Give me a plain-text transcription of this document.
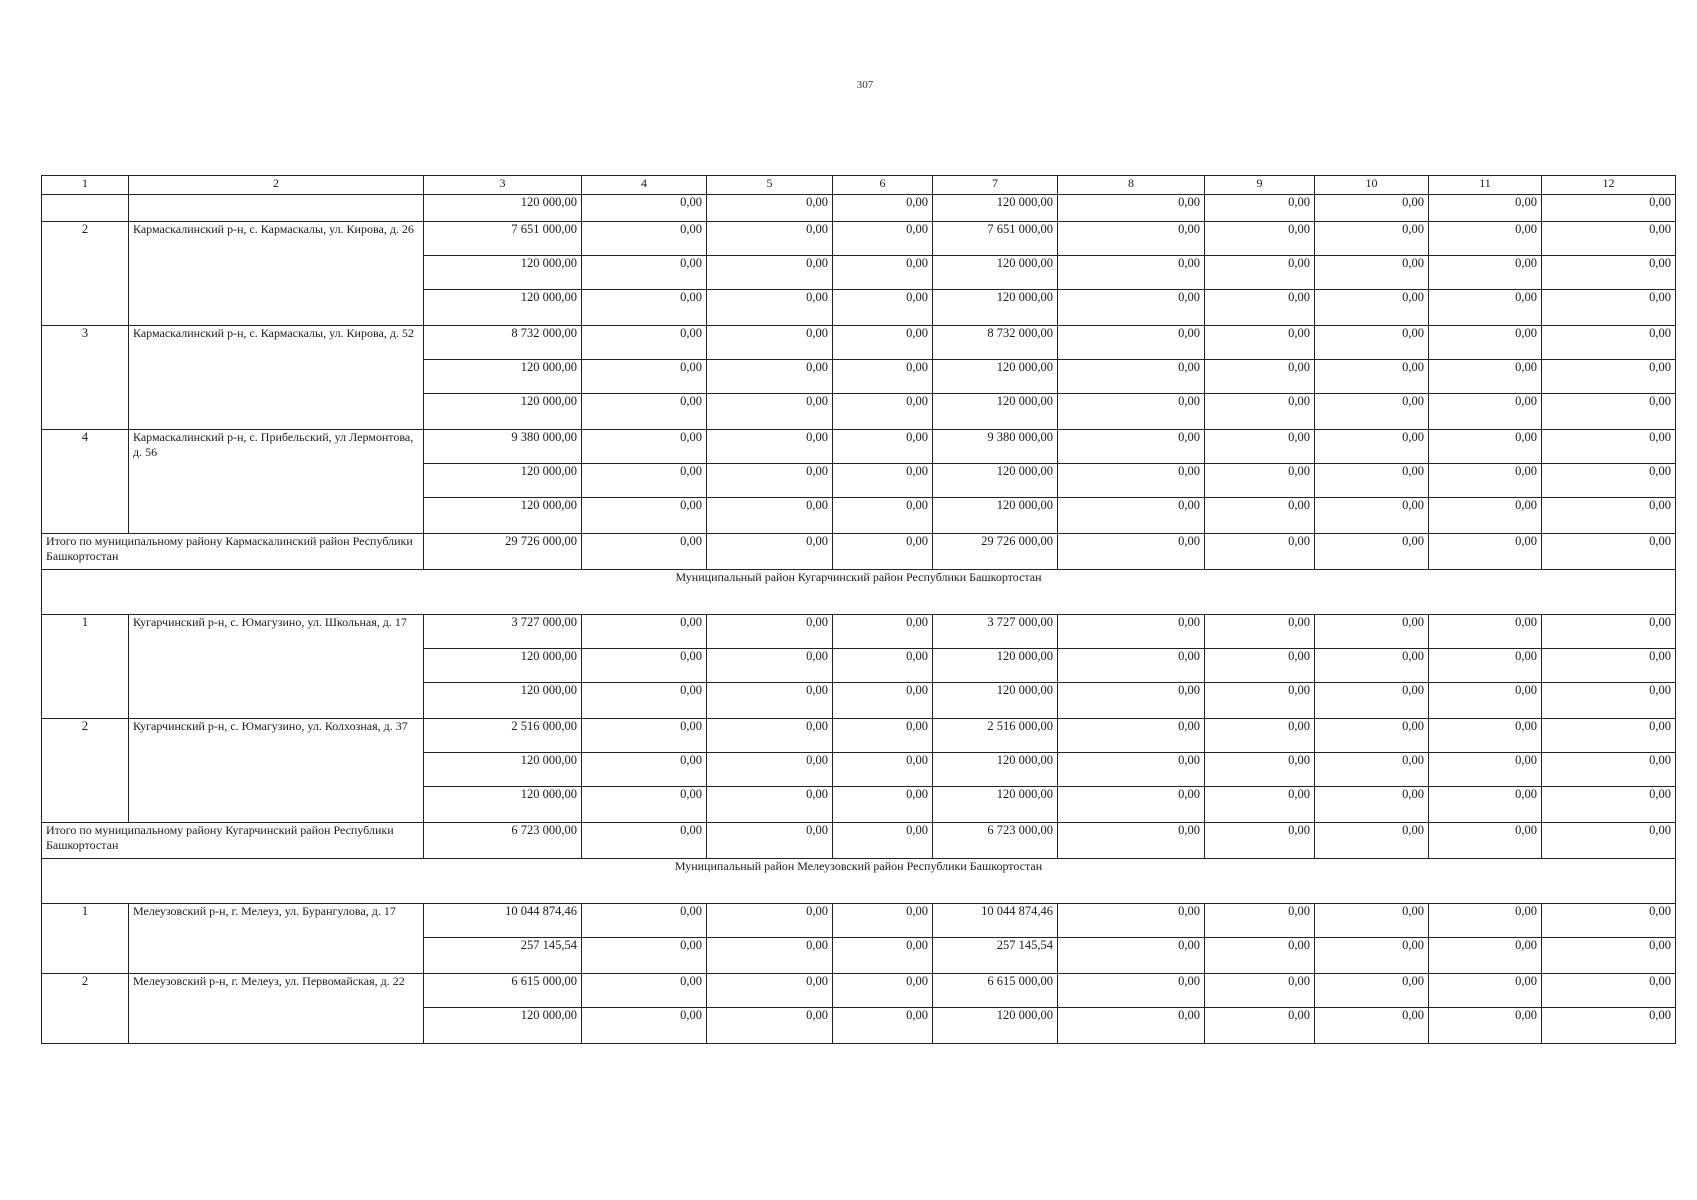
307
1	2	3	4	5	6	7	8	9	10	11	12
		120 000,00	0,00	0,00	0,00	120 000,00	0,00	0,00	0,00	0,00	0,00
2	Кармаскалинский р-н, с. Кармаскалы, ул. Кирова, д. 26	7 651 000,00	0,00	0,00	0,00	7 651 000,00	0,00	0,00	0,00	0,00	0,00
		120 000,00	0,00	0,00	0,00	120 000,00	0,00	0,00	0,00	0,00	0,00
		120 000,00	0,00	0,00	0,00	120 000,00	0,00	0,00	0,00	0,00	0,00
3	Кармаскалинский р-н, с. Кармаскалы, ул. Кирова, д. 52	8 732 000,00	0,00	0,00	0,00	8 732 000,00	0,00	0,00	0,00	0,00	0,00
		120 000,00	0,00	0,00	0,00	120 000,00	0,00	0,00	0,00	0,00	0,00
		120 000,00	0,00	0,00	0,00	120 000,00	0,00	0,00	0,00	0,00	0,00
4	Кармаскалинский р-н, с. Прибельский, ул Лермонтова, д. 56	9 380 000,00	0,00	0,00	0,00	9 380 000,00	0,00	0,00	0,00	0,00	0,00
		120 000,00	0,00	0,00	0,00	120 000,00	0,00	0,00	0,00	0,00	0,00
		120 000,00	0,00	0,00	0,00	120 000,00	0,00	0,00	0,00	0,00	0,00
Итого по муниципальному району Кармаскалинский район Республики Башкортостан		29 726 000,00	0,00	0,00	0,00	29 726 000,00	0,00	0,00	0,00	0,00	0,00
Муниципальный район Кугарчинский район Республики Башкортостан											
1	Кугарчинский р-н, с. Юмагузино, ул. Школьная, д. 17	3 727 000,00	0,00	0,00	0,00	3 727 000,00	0,00	0,00	0,00	0,00	0,00
		120 000,00	0,00	0,00	0,00	120 000,00	0,00	0,00	0,00	0,00	0,00
		120 000,00	0,00	0,00	0,00	120 000,00	0,00	0,00	0,00	0,00	0,00
2	Кугарчинский р-н, с. Юмагузино, ул. Колхозная, д. 37	2 516 000,00	0,00	0,00	0,00	2 516 000,00	0,00	0,00	0,00	0,00	0,00
		120 000,00	0,00	0,00	0,00	120 000,00	0,00	0,00	0,00	0,00	0,00
		120 000,00	0,00	0,00	0,00	120 000,00	0,00	0,00	0,00	0,00	0,00
Итого по муниципальному району Кугарчинский район Республики Башкортостан		6 723 000,00	0,00	0,00	0,00	6 723 000,00	0,00	0,00	0,00	0,00	0,00
Муниципальный район Мелеузовский район Республики Башкортостан											
1	Мелеузовский р-н, г. Мелеуз, ул. Бурангулова, д. 17	10 044 874,46	0,00	0,00	0,00	10 044 874,46	0,00	0,00	0,00	0,00	0,00
		257 145,54	0,00	0,00	0,00	257 145,54	0,00	0,00	0,00	0,00	0,00
2	Мелеузовский р-н, г. Мелеуз, ул. Первомайская, д. 22	6 615 000,00	0,00	0,00	0,00	6 615 000,00	0,00	0,00	0,00	0,00	0,00
		120 000,00	0,00	0,00	0,00	120 000,00	0,00	0,00	0,00	0,00	0,00
